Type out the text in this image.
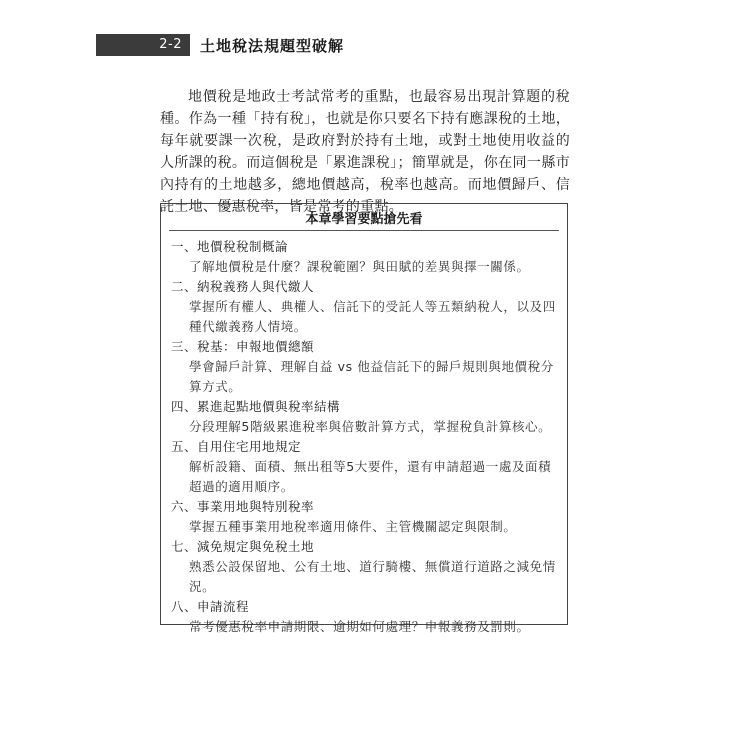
2-2	土地稅法規題型破解

地價稅是地政士考試常考的重點，也最容易出現計算題的稅種。作為一種「持有稅」，也就是你只要名下持有應課稅的土地，每年就要課一次稅，是政府對於持有土地，或對土地使用收益的人所課的稅。而這個稅是「累進課稅」；簡單就是，你在同一縣市內持有的土地越多，總地價越高，稅率也越高。而地價歸戶、信託土地、優惠稅率，皆是常考的重點。

本章學習要點搶先看
一、地價稅稅制概論
了解地價稅是什麼？課稅範圍？與田賦的差異與擇一關係。
二、納稅義務人與代繳人
掌握所有權人、典權人、信託下的受託人等五類納稅人，以及四種代繳義務人情境。
三、稅基：申報地價總額
學會歸戶計算、理解自益 vs 他益信託下的歸戶規則與地價稅分算方式。
四、累進起點地價與稅率結構
分段理解5階級累進稅率與倍數計算方式，掌握稅負計算核心。
五、自用住宅用地規定
解析設籍、面積、無出租等5大要件，還有申請超過一處及面積超過的適用順序。
六、事業用地與特別稅率
掌握五種事業用地稅率適用條件、主管機關認定與限制。
七、減免規定與免稅土地
熟悉公設保留地、公有土地、道行騎樓、無償道行道路之減免情況。
八、申請流程
常考優惠稅率申請期限、逾期如何處理？申報義務及罰則。
